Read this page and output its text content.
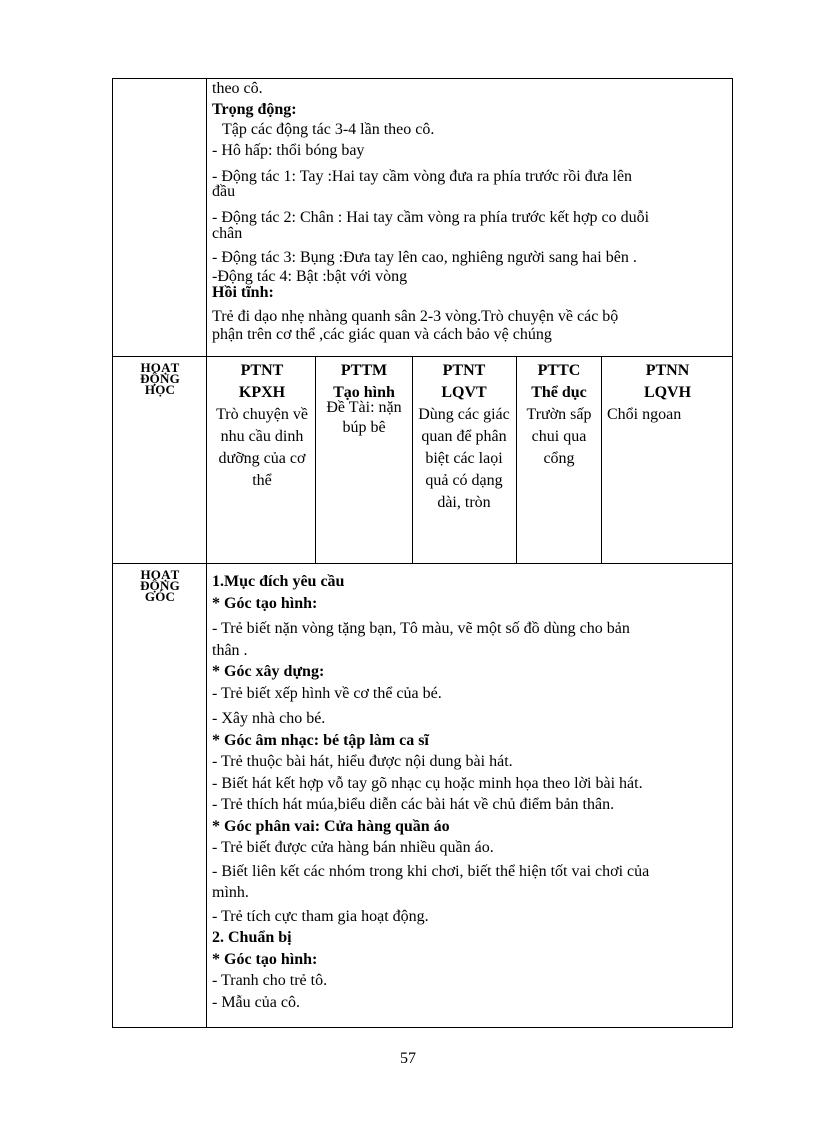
theo cô.
Trọng động:
Tập các động tác 3-4 lần theo cô.
- Hô hấp: thổi bóng bay
- Động tác 1: Tay :Hai tay cầm vòng đưa ra phía trước rồi đưa lên
đầu
- Động tác 2: Chân : Hai tay cầm vòng ra phía trước kết hợp co duỗi
chân
- Động tác 3: Bụng :Đưa tay lên cao, nghiêng người sang hai bên .
-Động tác 4: Bật :bật với vòng
Hồi tĩnh:
Trẻ đi dạo nhẹ nhàng quanh sân 2-3 vòng.Trò chuyện về các bộ
phận trên cơ thể ,các giác quan và cách bảo vệ chúng
HOẠT ĐỘNG HỌC
PTNT
KPXH
Trò chuyện về nhu cầu dinh dưỡng của cơ thể
PTTM
Tạo hình
Đề Tài: nặn búp bê
PTNT
LQVT
Dùng các giác quan để phân biệt các laọi quả có dạng dài, tròn
PTTC
Thể dục
Trườn sấp chui qua cổng
PTNN
LQVH
Chổi ngoan
HOẠT ĐỘNG GÓC
1.Mục đích yêu cầu
* Góc tạo hình:
- Trẻ biết nặn vòng tặng bạn, Tô màu, vẽ một số đồ dùng cho bản
thân .
* Góc xây dựng:
- Trẻ biết xếp hình về cơ thể của bé.
- Xây nhà cho bé.
* Góc âm nhạc: bé tập làm ca sĩ
- Trẻ thuộc bài hát, hiểu được nội dung bài hát.
- Biết hát kết hợp vỗ tay gõ nhạc cụ hoặc minh họa theo lời bài hát.
- Trẻ thích hát múa,biểu diễn các bài hát về chủ điểm bản thân.
* Góc phân vai: Cửa hàng quần áo
- Trẻ biết được cửa hàng bán nhiều quần áo.
- Biết liên kết các nhóm trong khi chơi, biết thể hiện tốt vai chơi của
mình.
- Trẻ tích cực tham gia hoạt động.
2. Chuẩn bị
* Góc tạo hình:
- Tranh cho trẻ tô.
- Mẫu của cô.
57
